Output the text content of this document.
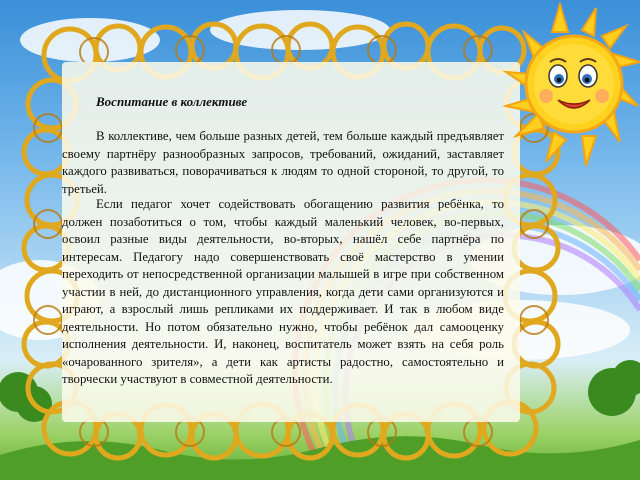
Воспитание в коллективе

В коллективе, чем больше разных детей, тем больше каждый предъявляет своему партнёру разнообразных запросов, требований, ожиданий, заставляет каждого развиваться, поворачиваться к людям то одной стороной, то другой, то третьей.

Если педагог хочет содействовать обогащению развития ребёнка, то должен позаботиться о том, чтобы каждый маленький человек, во-первых, освоил разные виды деятельности, во-вторых, нашёл себе партнёра по интересам. Педагогу надо совершенствовать своё мастерство в умении переходить от непосредственной организации малышей в игре при собственном участии в ней, до дистанционного управления, когда дети сами организуются и играют, а взрослый лишь репликами их поддерживает. И так в любом виде деятельности. Но потом обязательно нужно, чтобы ребёнок дал самооценку исполнения деятельности. И, наконец, воспитатель может взять на себя роль «очарованного зрителя», а дети как артисты радостно, самостоятельно и творчески участвуют в совместной деятельности.
